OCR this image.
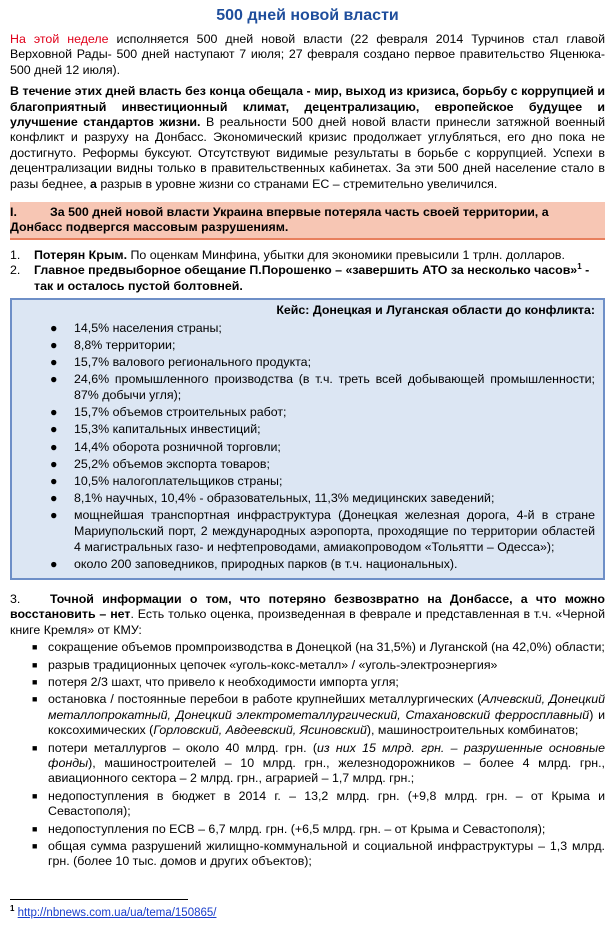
500 дней новой власти

На этой неделе исполняется 500 дней новой власти (22 февраля 2014 Турчинов стал главой Верховной Рады- 500 дней наступают 7 июля; 27 февраля создано первое правительство Яценюка- 500 дней 12 июля).

В течение этих дней власть без конца обещала - мир, выход из кризиса, борьбу с коррупцией и благоприятный инвестиционный климат, децентрализацию, европейское будущее и улучшение стандартов жизни. В реальности 500 дней новой власти принесли затяжной военный конфликт и разруху на Донбасс. Экономический кризис продолжает углубляться, его дно пока не достигнуто. Реформы буксуют. Отсутствуют видимые результаты в борьбе с коррупцией. Успехи в децентрализации видны только в правительственных кабинетах. За эти 500 дней население стало в разы беднее, а разрыв в уровне жизни со странами ЕС – стремительно увеличился.

I.	За 500 дней новой власти Украина впервые потеряла часть своей территории, а Донбасс подвергся массовым разрушениям.
1.	Потерян Крым. По оценкам Минфина, убытки для экономики превысили 1 трлн. долларов.
2.	Главное предвыборное обещание П.Порошенко – «завершить АТО за несколько часов»$^1$ - так и осталось пустой болтовней.
Кейс: Донецкая и Луганская области до конфликта:
●	14,5% населения страны;
●	8,8% территории;
●	15,7% валового регионального продукта;
●	24,6% промышленного производства (в т.ч. треть всей добывающей промышленности; 87% добычи угля);
●	15,7% объемов строительных работ;
●	15,3% капитальных инвестиций;
●	14,4% оборота розничной торговли;
●	25,2% объемов экспорта товаров;
●	10,5% налогоплательщиков страны;
●	8,1% научных, 10,4% - образовательных, 11,3% медицинских заведений;
●	мощнейшая транспортная инфраструктура (Донецкая железная дорога, 4-й в стране Мариупольский порт, 2 международных аэропорта, проходящие по территории областей 4 магистральных газо- и нефтепроводами, амиакопроводом «Тольятти – Одесса»);
●	около 200 заповедников, природных парков (в т.ч. национальных).

3. Точной информации о том, что потеряно безвозвратно на Донбассе, а что можно восстановить – нет. Есть только оценка, произведенная в феврале и представленная в т.ч. «Черной книге Кремля» от КМУ:

■ сокращение объемов промпроизводства в Донецкой (на 31,5%) и Луганской (на 42,0%) области;
■ разрыв традиционных цепочек «уголь-кокс-металл» / «уголь-электроэнергия»
■ потеря 2/3 шахт, что привело к необходимости импорта угля;
■ остановка / постоянные перебои в работе крупнейших металлургических (Алчевский, Донецкий металлопрокатный, Донецкий электрометаллургический, Стахановский ферросплавный) и коксохимических (Горловский, Авдеевский, Ясиновский), машиностроительных комбинатов;
■ потери металлургов – около 40 млрд. грн. (из них 15 млрд. грн. – разрушенные основные фонды), машиностроителей – 10 млрд. грн., железнодорожников – более 4 млрд. грн., авиационного сектора – 2 млрд. грн., аграрией – 1,7 млрд. грн.;
■ недопоступления в бюджет в 2014 г. – 13,2 млрд. грн. (+9,8 млрд. грн. – от Крыма и Севастополя);
■ недопоступления по ЕСВ – 6,7 млрд. грн. (+6,5 млрд. грн. – от Крыма и Севастополя);
■ общая сумма разрушений жилищно-коммунальной и социальной инфраструктуры – 1,3 млрд. грн. (более 10 тыс. домов и других объектов);
$^1$ http://nbnews.com.ua/ua/tema/150865/
